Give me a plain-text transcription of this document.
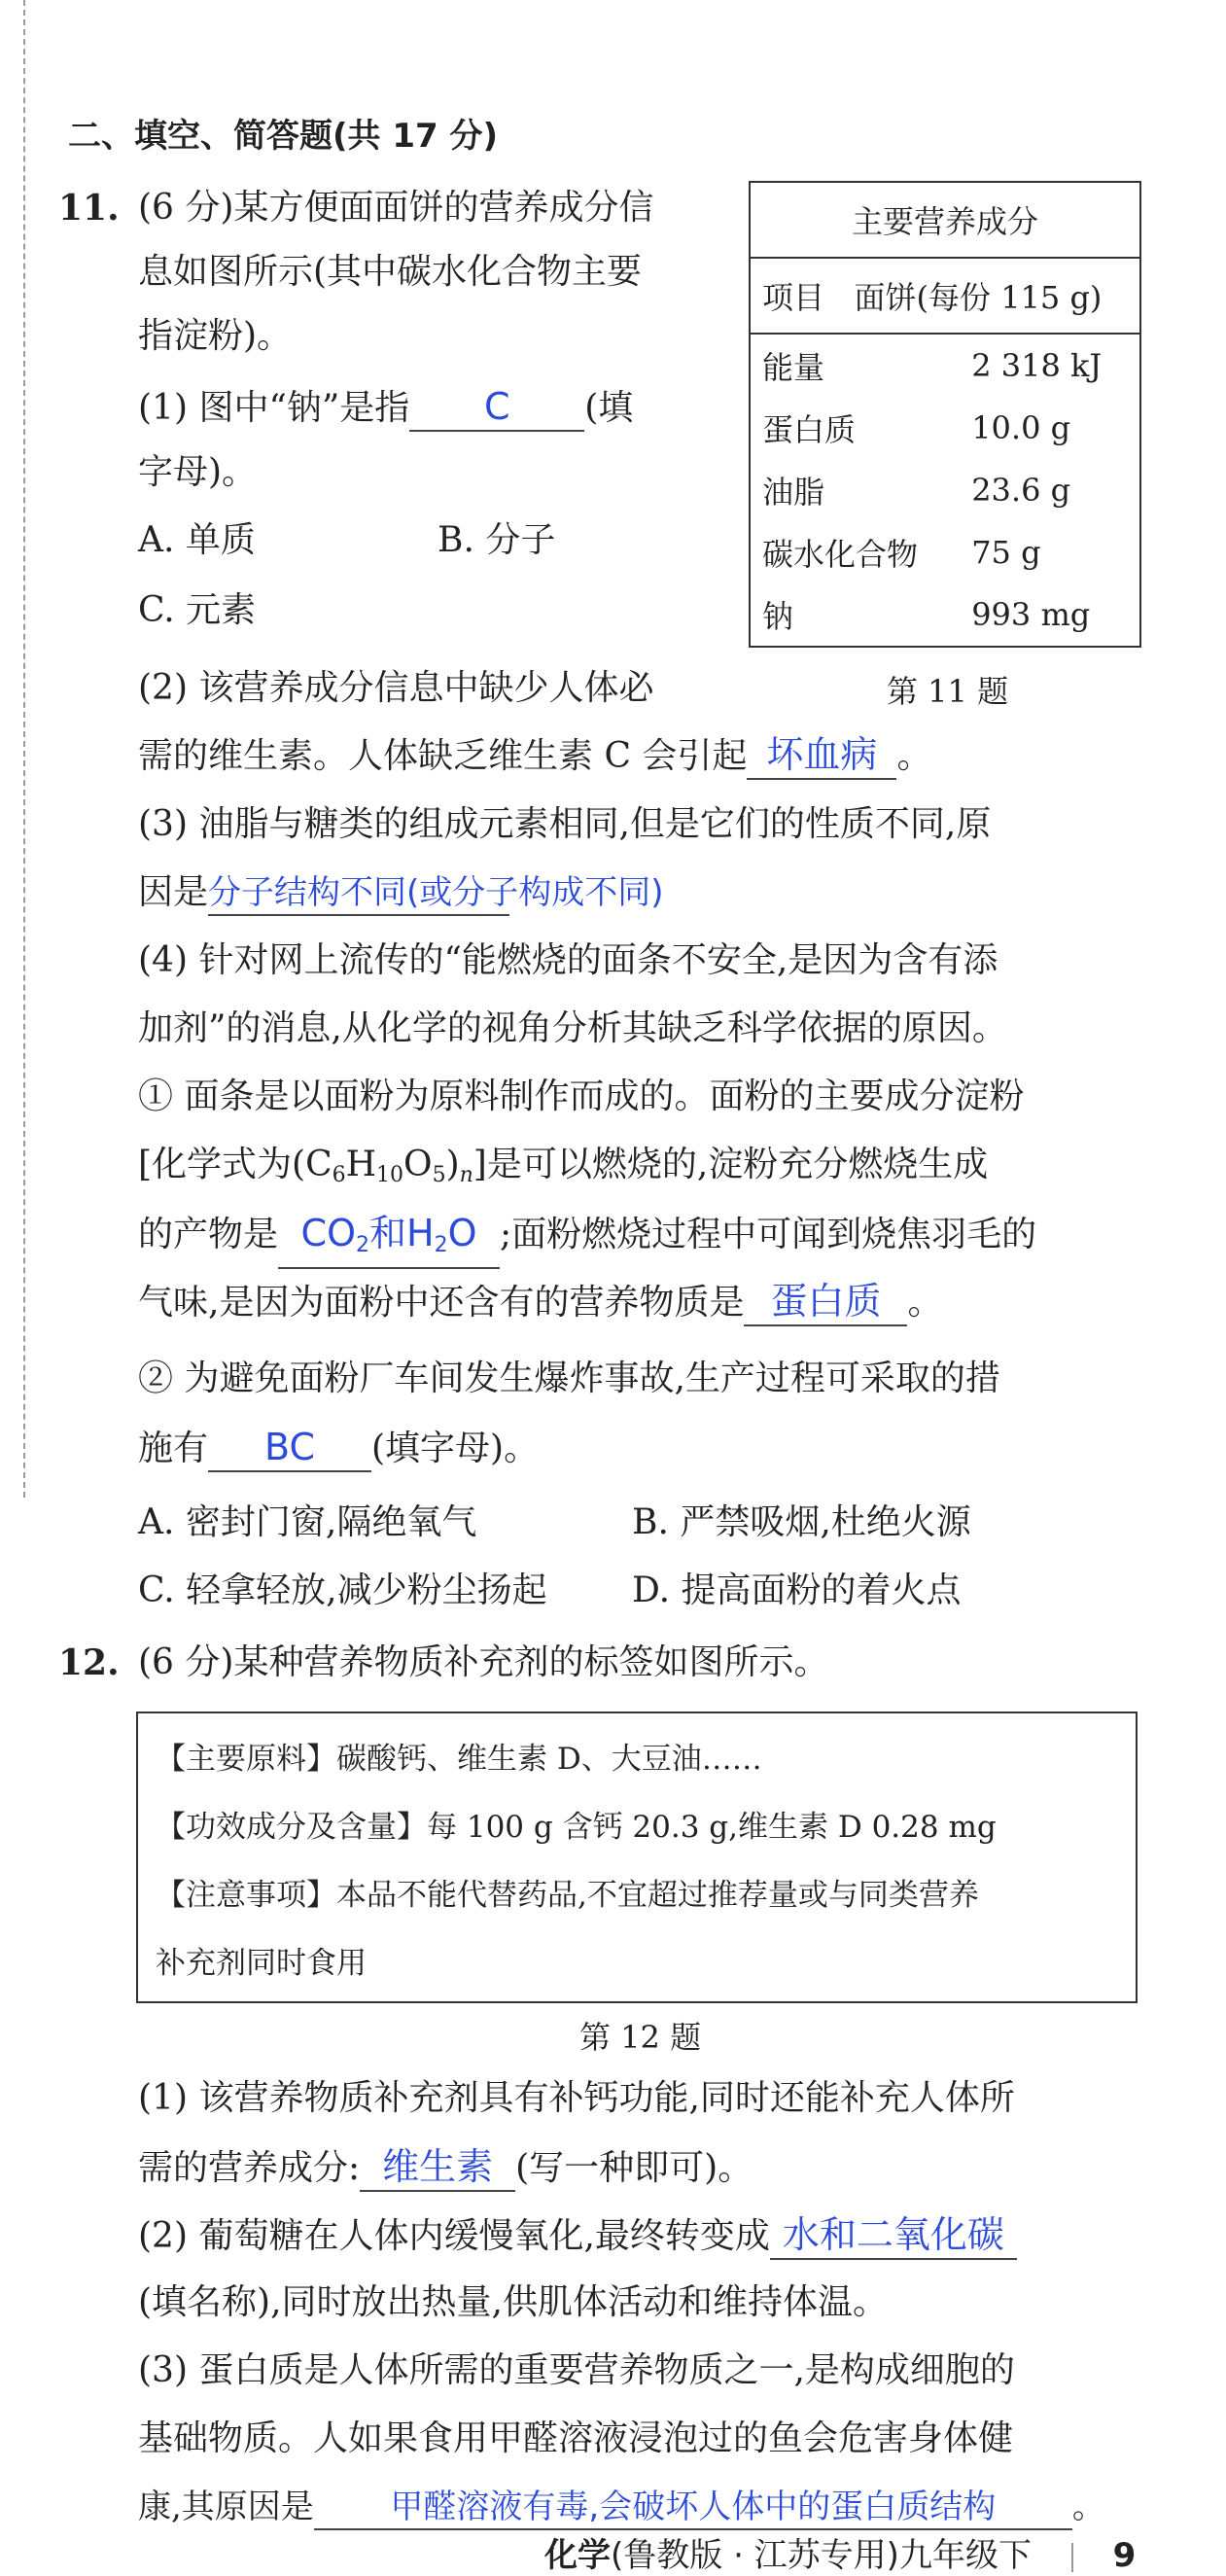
二、填空、简答题(共 17 分)
11. (6 分)某方便面面饼的营养成分信
息如图所示(其中碳水化合物主要
指淀粉)。
(1) 图中“钠”是指 C (填
字母)。
A. 单质	B. 分子
C. 元素
主要营养成分	
项目 面饼(每份 115 g)	
能量	2 318 kJ
蛋白质	10.0 g
油脂	23.6 g
碳水化合物	75 g
钠	993 mg
第 11 题
(2) 该营养成分信息中缺少人体必
需的维生素。人体缺乏维生素 C 会引起 坏血病 。
(3) 油脂与糖类的组成元素相同,但是它们的性质不同,原
因是分子结构不同(或分子构成不同)
(4) 针对网上流传的“能燃烧的面条不安全,是因为含有添
加剂”的消息,从化学的视角分析其缺乏科学依据的原因。
① 面条是以面粉为原料制作而成的。面粉的主要成分淀粉
[化学式为$(C_6H_{10}O_5)_n$]是可以燃烧的,淀粉充分燃烧生成
的产物是 $CO_2$和$H_2O$ ;面粉燃烧过程中可闻到烧焦羽毛的
气味,是因为面粉中还含有的营养物质是 蛋白质 。
② 为避免面粉厂车间发生爆炸事故,生产过程可采取的措
施有 BC (填字母)。
A. 密封门窗,隔绝氧气	B. 严禁吸烟,杜绝火源
C. 轻拿轻放,减少粉尘扬起 D. 提高面粉的着火点
12. (6 分)某种营养物质补充剂的标签如图所示。
【主要原料】碳酸钙、维生素 D、大豆油……
【功效成分及含量】每 100 g 含钙 20.3 g,维生素 D 0.28 mg
【注意事项】本品不能代替药品,不宜超过推荐量或与同类营养
补充剂同时食用
第 12 题
(1) 该营养物质补充剂具有补钙功能,同时还能补充人体所
需的营养成分: 维生素 (写一种即可)。
(2) 葡萄糖在人体内缓慢氧化,最终转变成 水和二氧化碳
(填名称),同时放出热量,供肌体活动和维持体温。
(3) 蛋白质是人体所需的重要营养物质之一,是构成细胞的
基础物质。人如果食用甲醛溶液浸泡过的鱼会危害身体健
康,其原因是 甲醛溶液有毒,会破坏人体中的蛋白质结构 。
化学(鲁教版 · 江苏专用)九年级下 9
